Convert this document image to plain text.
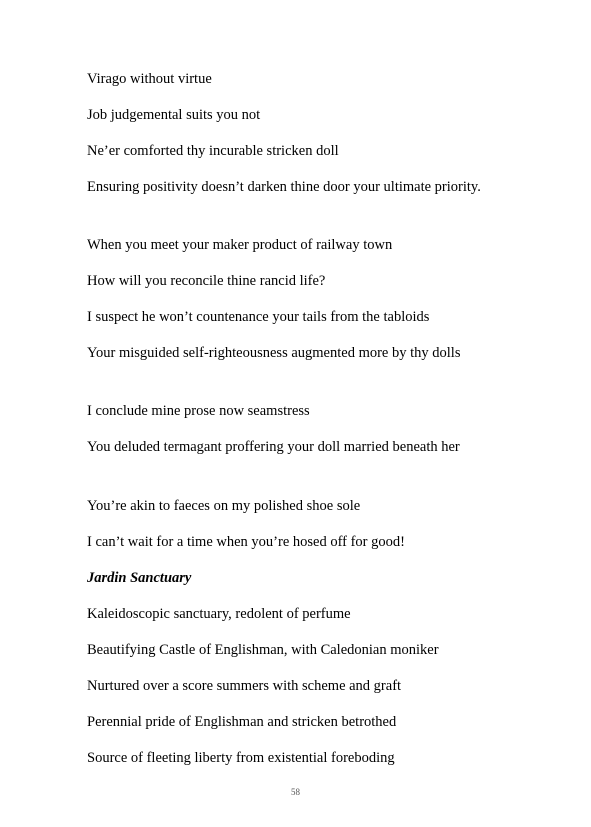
Virago without virtue

Job judgemental suits you not

Ne’er comforted thy incurable stricken doll

Ensuring positivity doesn’t darken thine door your ultimate priority.

When you meet your maker product of railway town

How will you reconcile thine rancid life?

I suspect he won’t countenance your tails from the tabloids

Your misguided self-righteousness augmented more by thy dolls

I conclude mine prose now seamstress

You deluded termagant proffering your doll married beneath her

You’re akin to faeces on my polished shoe sole

I can’t wait for a time when you’re hosed off for good!

Jardin Sanctuary

Kaleidoscopic sanctuary, redolent of perfume

Beautifying Castle of Englishman, with Caledonian moniker

Nurtured over a score summers with scheme and graft

Perennial pride of Englishman and stricken betrothed

Source of fleeting liberty from existential foreboding

58
